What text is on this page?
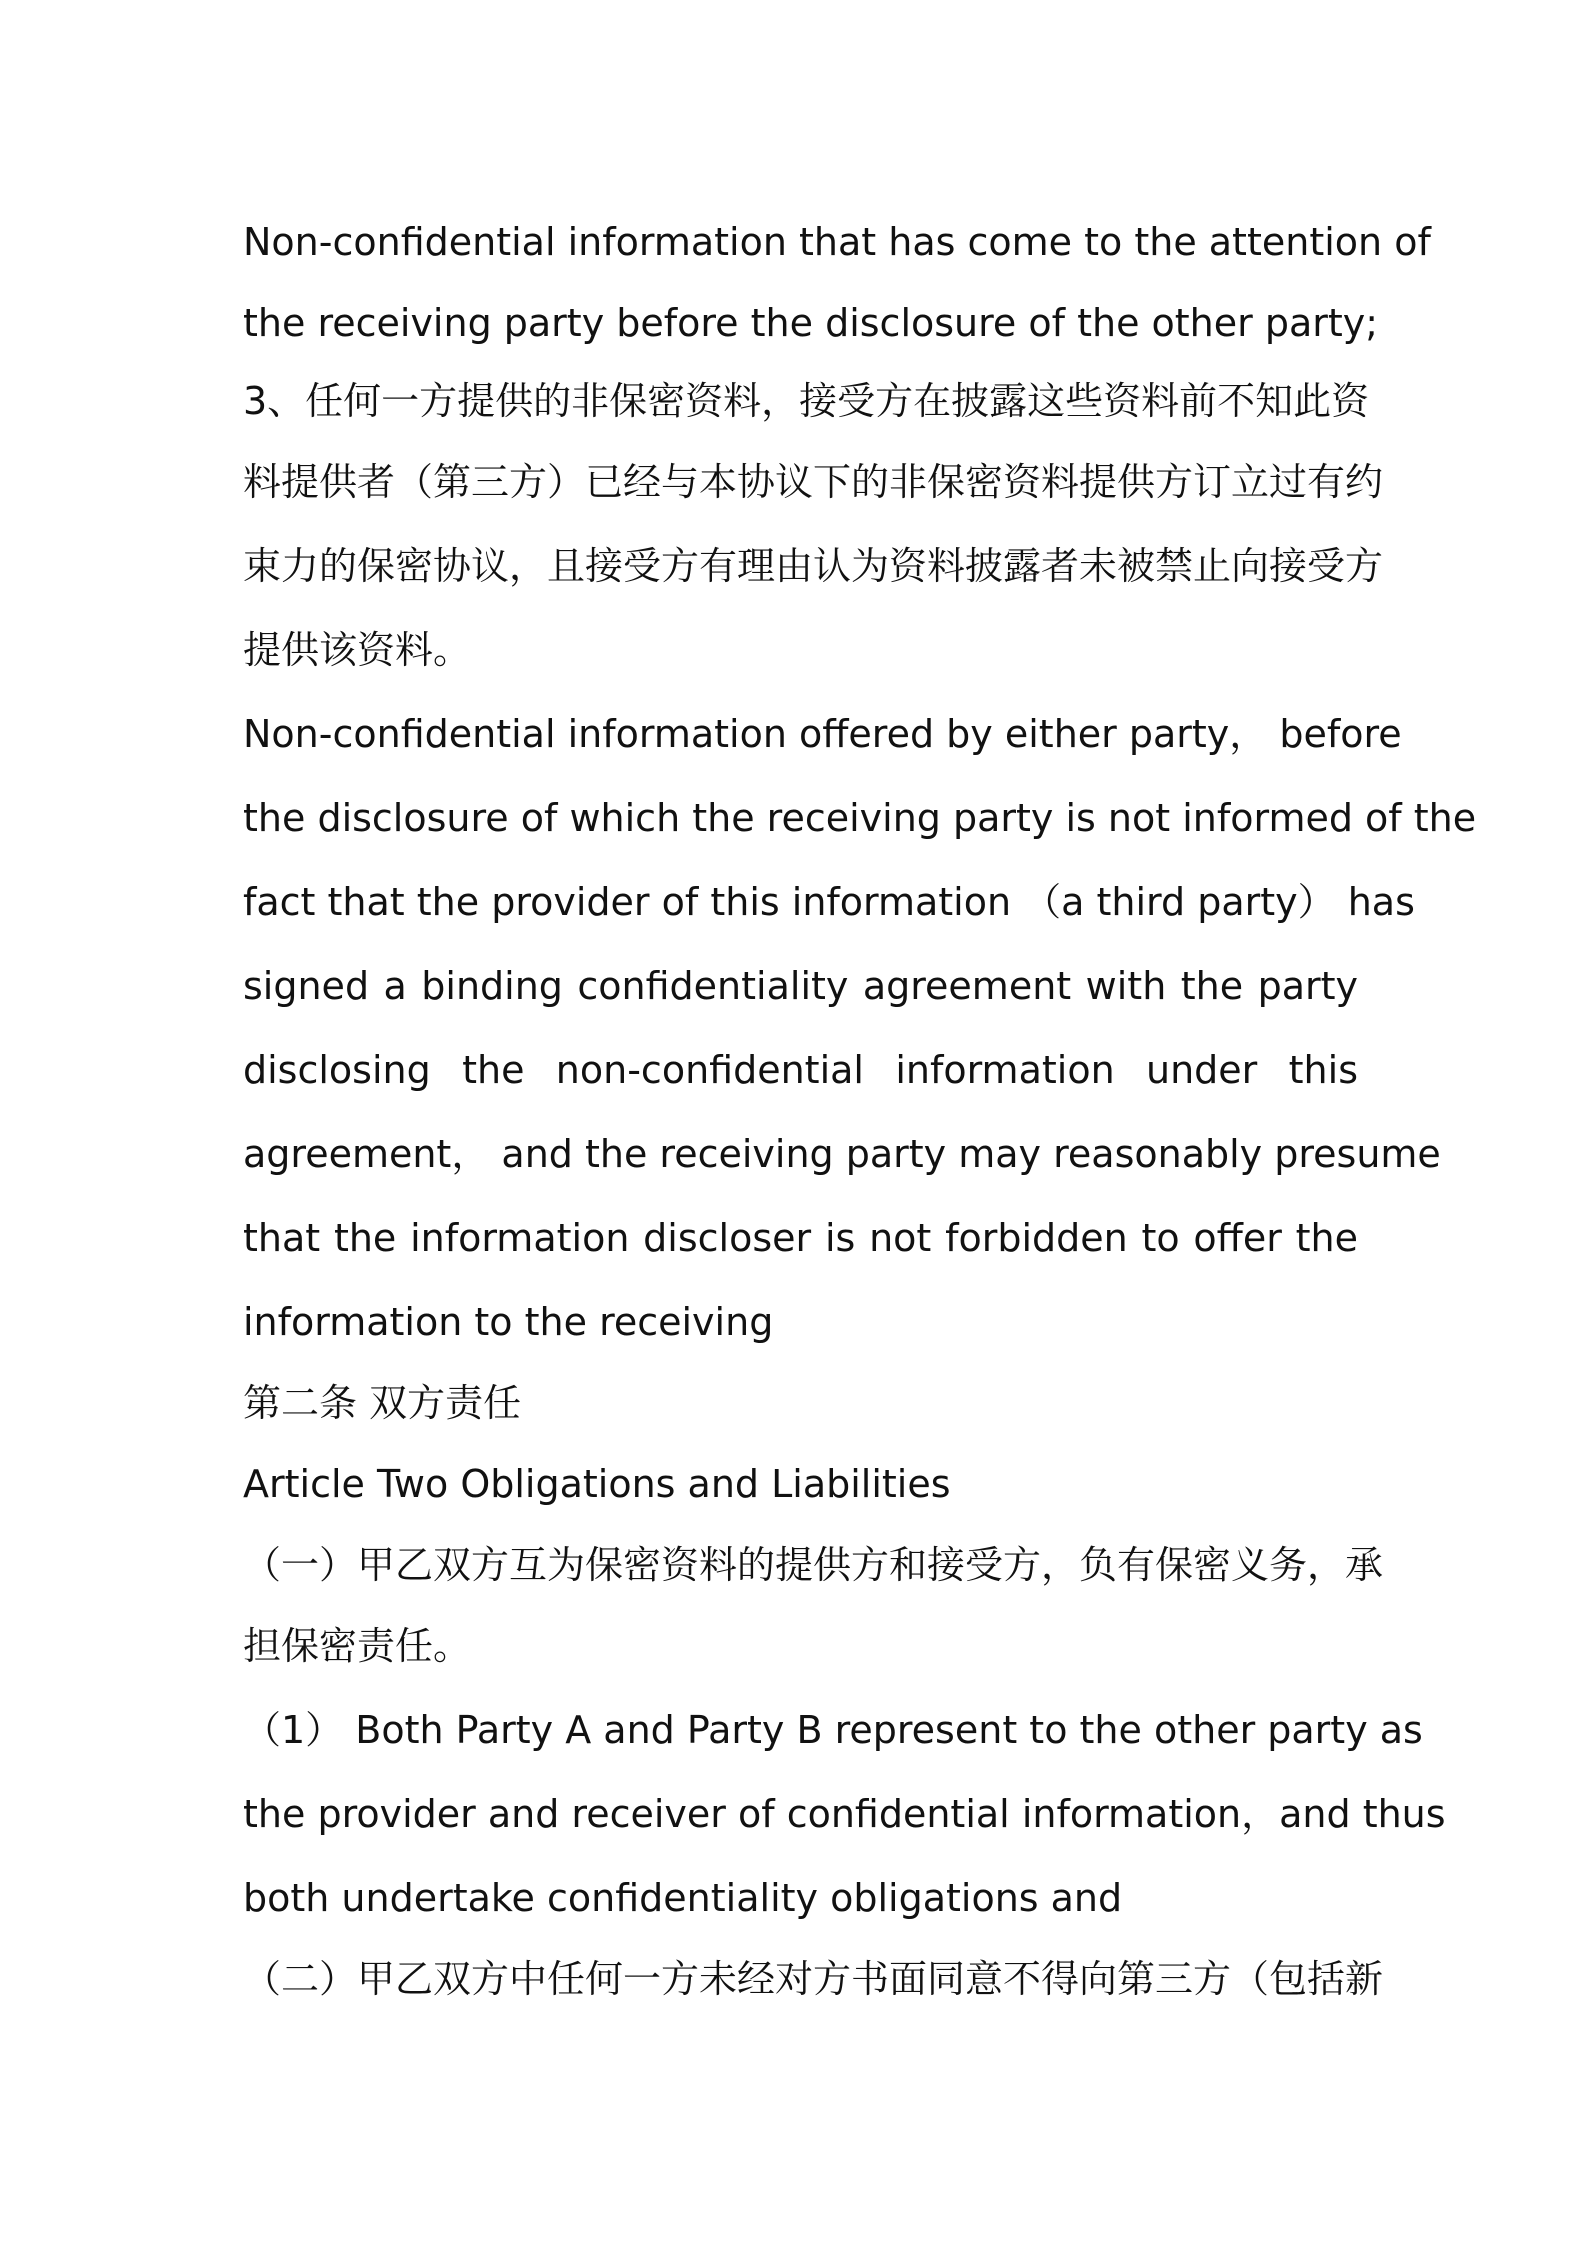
Non-confidential information that has come to the attention of
the receiving party before the disclosure of the other party;
3、任何一方提供的非保密资料，接受方在披露这些资料前不知此资
料提供者（第三方）已经与本协议下的非保密资料提供方订立过有约
束力的保密协议，且接受方有理由认为资料披露者未被禁止向接受方
提供该资料。
Non-confidential information offered by either party， before
the disclosure of which the receiving party is not informed of the
fact that the provider of this information （a third party） has
signed a binding confidentiality agreement with the party
disclosing the non-confidential information under this
agreement， and the receiving party may reasonably presume
that the information discloser is not forbidden to offer the
information to the receiving
第二条 双方责任
Article Two Obligations and Liabilities
（一）甲乙双方互为保密资料的提供方和接受方，负有保密义务，承
担保密责任。
（1） Both Party A and Party B represent to the other party as
the provider and receiver of confidential information，and thus
both undertake confidentiality obligations and
（二）甲乙双方中任何一方未经对方书面同意不得向第三方（包括新
